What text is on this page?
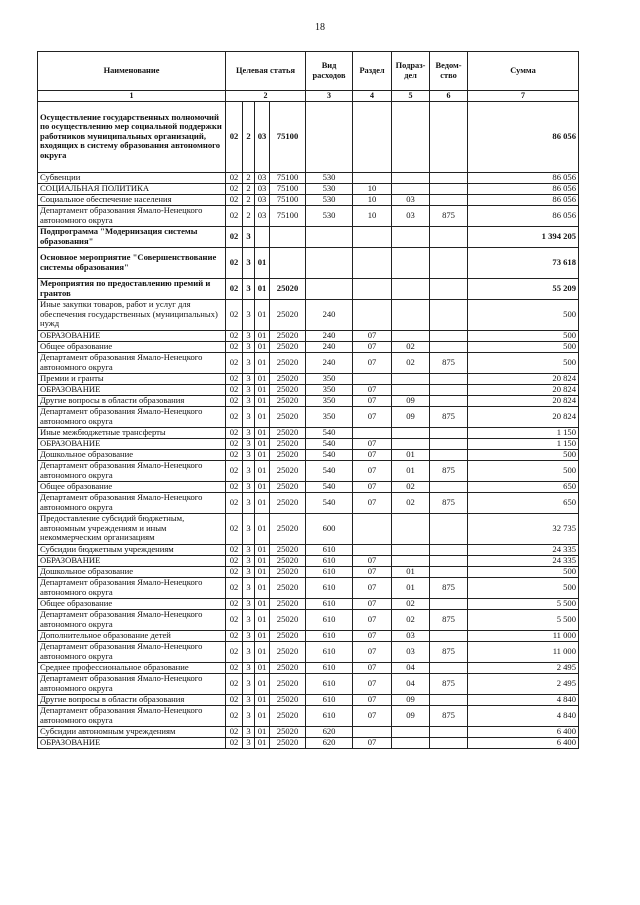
18
Наименование	Целевая статья				Вид расходов	Раздел	Подраз-дел	Ведом-ство	Сумма
1	2				3	4	5	6	7
Осуществление государственных полномочий по осуществлению мер социальной поддержки работников муниципальных организаций, входящих в систему образования автономного округа	02	2	03	75100					86 056
Субвенции	02	2	03	75100	530				86 056
СОЦИАЛЬНАЯ ПОЛИТИКА	02	2	03	75100	530	10			86 056
Социальное обеспечение населения	02	2	03	75100	530	10	03		86 056
Департамент образования Ямало-Ненецкого автономного округа	02	2	03	75100	530	10	03	875	86 056
Подпрограмма "Модернизация системы образования"	02	3							1 394 205
Основное мероприятие "Совершенствование системы образования"	02	3	01						73 618
Мероприятия по предоставлению премий и грантов	02	3	01	25020					55 209
Иные закупки товаров, работ и услуг для обеспечения государственных (муниципальных) нужд	02	3	01	25020	240				500
ОБРАЗОВАНИЕ	02	3	01	25020	240	07			500
Общее образование	02	3	01	25020	240	07	02		500
Департамент образования Ямало-Ненецкого автономного округа	02	3	01	25020	240	07	02	875	500
Премии и гранты	02	3	01	25020	350				20 824
ОБРАЗОВАНИЕ	02	3	01	25020	350	07			20 824
Другие вопросы в области образования	02	3	01	25020	350	07	09		20 824
Департамент образования Ямало-Ненецкого автономного округа	02	3	01	25020	350	07	09	875	20 824
Иные межбюджетные трансферты	02	3	01	25020	540				1 150
ОБРАЗОВАНИЕ	02	3	01	25020	540	07			1 150
Дошкольное образование	02	3	01	25020	540	07	01		500
Департамент образования Ямало-Ненецкого автономного округа	02	3	01	25020	540	07	01	875	500
Общее образование	02	3	01	25020	540	07	02		650
Департамент образования Ямало-Ненецкого автономного округа	02	3	01	25020	540	07	02	875	650
Предоставление субсидий бюджетным, автономным учреждениям и иным некоммерческим организациям	02	3	01	25020	600				32 735
Субсидии бюджетным учреждениям	02	3	01	25020	610				24 335
ОБРАЗОВАНИЕ	02	3	01	25020	610	07			24 335
Дошкольное образование	02	3	01	25020	610	07	01		500
Департамент образования Ямало-Ненецкого автономного округа	02	3	01	25020	610	07	01	875	500
Общее образование	02	3	01	25020	610	07	02		5 500
Департамент образования Ямало-Ненецкого автономного округа	02	3	01	25020	610	07	02	875	5 500
Дополнительное образование детей	02	3	01	25020	610	07	03		11 000
Департамент образования Ямало-Ненецкого автономного округа	02	3	01	25020	610	07	03	875	11 000
Среднее профессиональное образование	02	3	01	25020	610	07	04		2 495
Департамент образования Ямало-Ненецкого автономного округа	02	3	01	25020	610	07	04	875	2 495
Другие вопросы в области образования	02	3	01	25020	610	07	09		4 840
Департамент образования Ямало-Ненецкого автономного округа	02	3	01	25020	610	07	09	875	4 840
Субсидии автономным учреждениям	02	3	01	25020	620				6 400
ОБРАЗОВАНИЕ	02	3	01	25020	620	07			6 400
